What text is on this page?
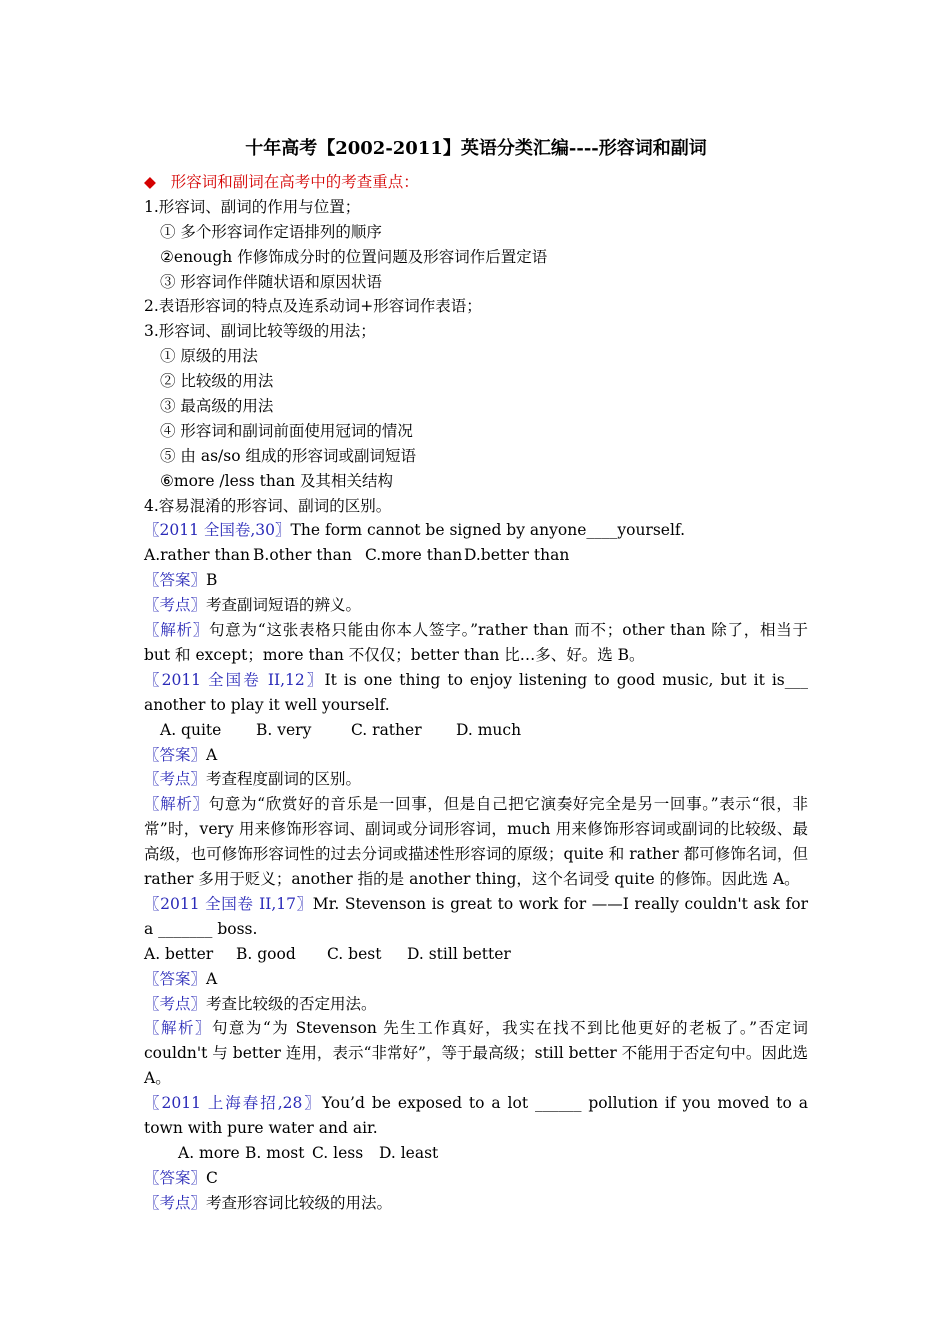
十年高考【2002-2011】英语分类汇编----形容词和副词
◆ 形容词和副词在高考中的考查重点：
1.形容词、副词的作用与位置；
① 多个形容词作定语排列的顺序
②enough 作修饰成分时的位置问题及形容词作后置定语
③ 形容词作伴随状语和原因状语
2.表语形容词的特点及连系动词+形容词作表语；
3.形容词、副词比较等级的用法；
① 原级的用法
② 比较级的用法
③ 最高级的用法
④ 形容词和副词前面使用冠词的情况
⑤ 由 as/so 组成的形容词或副词短语
⑥more /less than 及其相关结构
4.容易混淆的形容词、副词的区别。
〖2011 全国卷,30〗The form cannot be signed by anyone____yourself.
A.rather than B.other than C.more than D.better than
〖答案〗B
〖考点〗考查副词短语的辨义。
〖解析〗句意为“这张表格只能由你本人签字。”rather than 而不；other than 除了，相当于 but 和 except；more than 不仅仅；better than 比…多、好。选 B。
〖2011 全国卷 II,12〗It is one thing to enjoy listening to good music, but it is___ another to play it well yourself.
A. quite B. very	C. rather D. much
〖答案〗A
〖考点〗考查程度副词的区别。
〖解析〗句意为“欣赏好的音乐是一回事，但是自己把它演奏好完全是另一回事。”表示“很，非常”时，very 用来修饰形容词、副词或分词形容词，much 用来修饰形容词或副词的比较级、最高级，也可修饰形容词性的过去分词或描述性形容词的原级；quite 和 rather 都可修饰名词，但 rather 多用于贬义；another 指的是 another thing，这个名词受 quite 的修饰。因此选 A。
〖2011 全国卷 II,17〗Mr. Stevenson is great to work for ——I really couldn't ask for a _______ boss.
A. better B. good C. best D. still better
〖答案〗A
〖考点〗考查比较级的否定用法。
〖解析〗句意为“为 Stevenson 先生工作真好，我实在找不到比他更好的老板了。”否定词 couldn't 与 better 连用，表示“非常好”，等于最高级；still better 不能用于否定句中。因此选 A。
〖2011 上海春招,28〗You’d be exposed to a lot ______ pollution if you moved to a town with pure water and air.
A. more B. most C. less D. least
〖答案〗C
〖考点〗考查形容词比较级的用法。
